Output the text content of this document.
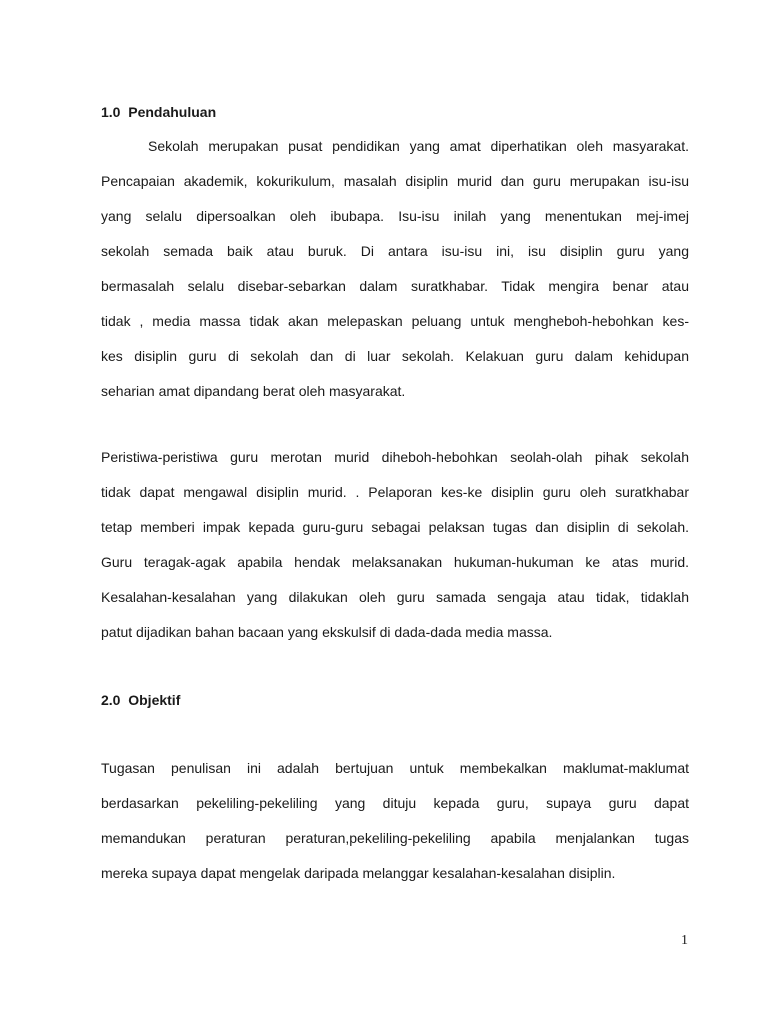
1.0  Pendahuluan
Sekolah merupakan pusat pendidikan yang amat diperhatikan oleh masyarakat.
Pencapaian akademik, kokurikulum, masalah disiplin murid dan guru merupakan isu-isu
yang selalu dipersoalkan oleh ibubapa. Isu-isu inilah yang menentukan mej-imej
sekolah semada baik atau buruk. Di antara isu-isu ini, isu disiplin guru yang
bermasalah selalu disebar-sebarkan dalam suratkhabar. Tidak mengira benar atau
tidak , media massa tidak akan melepaskan peluang untuk mengheboh-hebohkan kes-
kes disiplin guru di sekolah dan di luar sekolah. Kelakuan guru dalam kehidupan
seharian amat dipandang berat oleh masyarakat.
Peristiwa-peristiwa guru merotan murid diheboh-hebohkan seolah-olah pihak sekolah
tidak dapat mengawal disiplin murid. . Pelaporan kes-ke disiplin guru oleh suratkhabar
tetap memberi impak kepada guru-guru sebagai pelaksan tugas dan disiplin di sekolah.
Guru teragak-agak apabila hendak melaksanakan hukuman-hukuman ke atas murid.
Kesalahan-kesalahan yang dilakukan oleh guru samada sengaja atau tidak, tidaklah
patut dijadikan bahan bacaan yang ekskulsif di dada-dada media massa.
2.0  Objektif
Tugasan penulisan ini adalah bertujuan untuk membekalkan maklumat-maklumat
berdasarkan pekeliling-pekeliling yang dituju kepada guru, supaya guru dapat
memandukan peraturan peraturan,pekeliling-pekeliling apabila menjalankan tugas
mereka supaya dapat mengelak daripada melanggar kesalahan-kesalahan disiplin.
1
